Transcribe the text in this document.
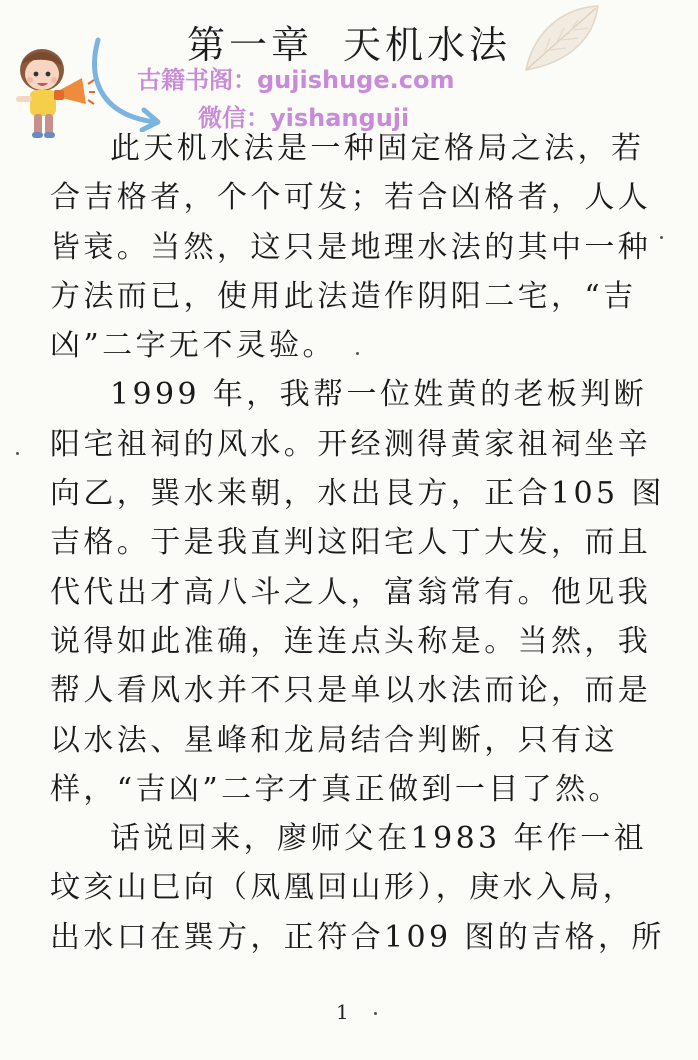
第一章 天机水法
古籍书阁：gujishuge.com
微信：yishanguji
此天机水法是一种固定格局之法，若
合吉格者，个个可发；若合凶格者，人人
皆衰。当然，这只是地理水法的其中一种
方法而已，使用此法造作阴阳二宅，“吉
凶”二字无不灵验。
1999 年，我帮一位姓黄的老板判断
阳宅祖祠的风水。开经测得黄家祖祠坐辛
向乙，巽水来朝，水出艮方，正合105 图
吉格。于是我直判这阳宅人丁大发，而且
代代出才高八斗之人，富翁常有。他见我
说得如此准确，连连点头称是。当然，我
帮人看风水并不只是单以水法而论，而是
以水法、星峰和龙局结合判断，只有这
样，“吉凶”二字才真正做到一目了然。
话说回来，廖师父在1983 年作一祖
坟亥山巳向（凤凰回山形），庚水入局，
出水口在巽方，正符合109 图的吉格，所
1
